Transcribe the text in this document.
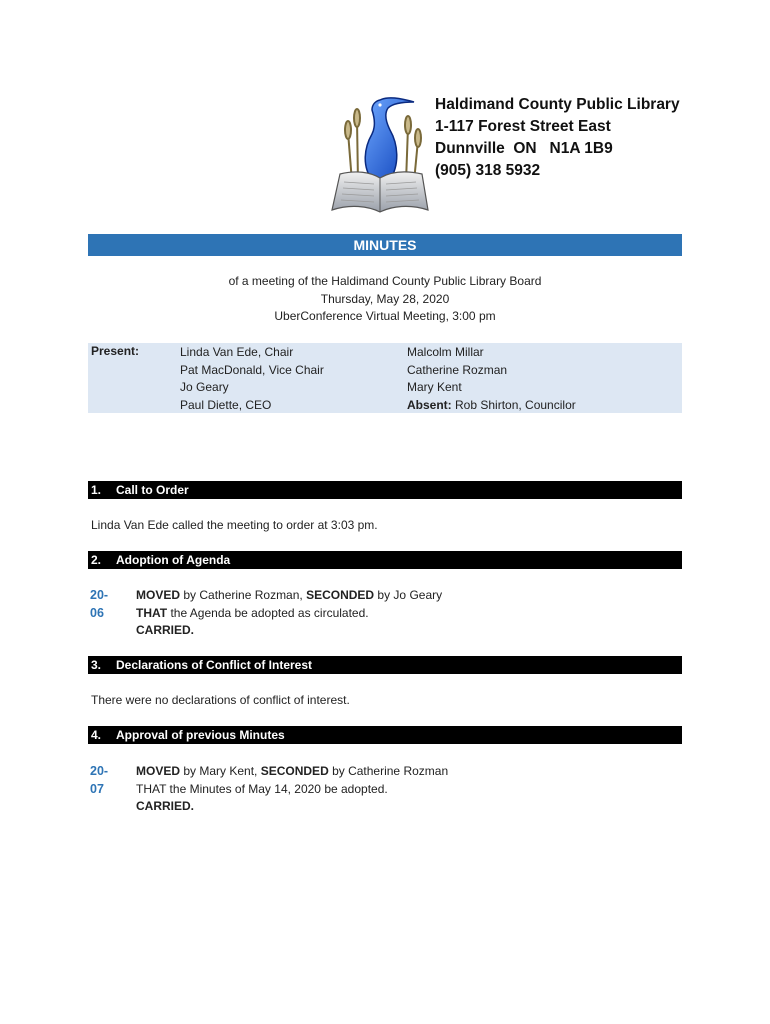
Haldimand County Public Library
1-117 Forest Street East
Dunnville  ON   N1A 1B9
(905) 318 5932
MINUTES
of a meeting of the Haldimand County Public Library Board
Thursday, May 28, 2020
UberConference Virtual Meeting, 3:00 pm
Present:	Linda Van Ede, Chair
Pat MacDonald, Vice Chair
Jo Geary
Paul Diette, CEO
Malcolm Millar
Catherine Rozman
Mary Kent
Absent: Rob Shirton, Councilor
1. Call to Order
Linda Van Ede called the meeting to order at 3:03 pm.
2. Adoption of Agenda
20-06
MOVED by Catherine Rozman, SECONDED by Jo Geary
THAT the Agenda be adopted as circulated.
CARRIED.
3. Declarations of Conflict of Interest
There were no declarations of conflict of interest.
4. Approval of previous Minutes
20-07
MOVED by Mary Kent, SECONDED by Catherine Rozman
THAT the Minutes of May 14, 2020 be adopted.
CARRIED.
